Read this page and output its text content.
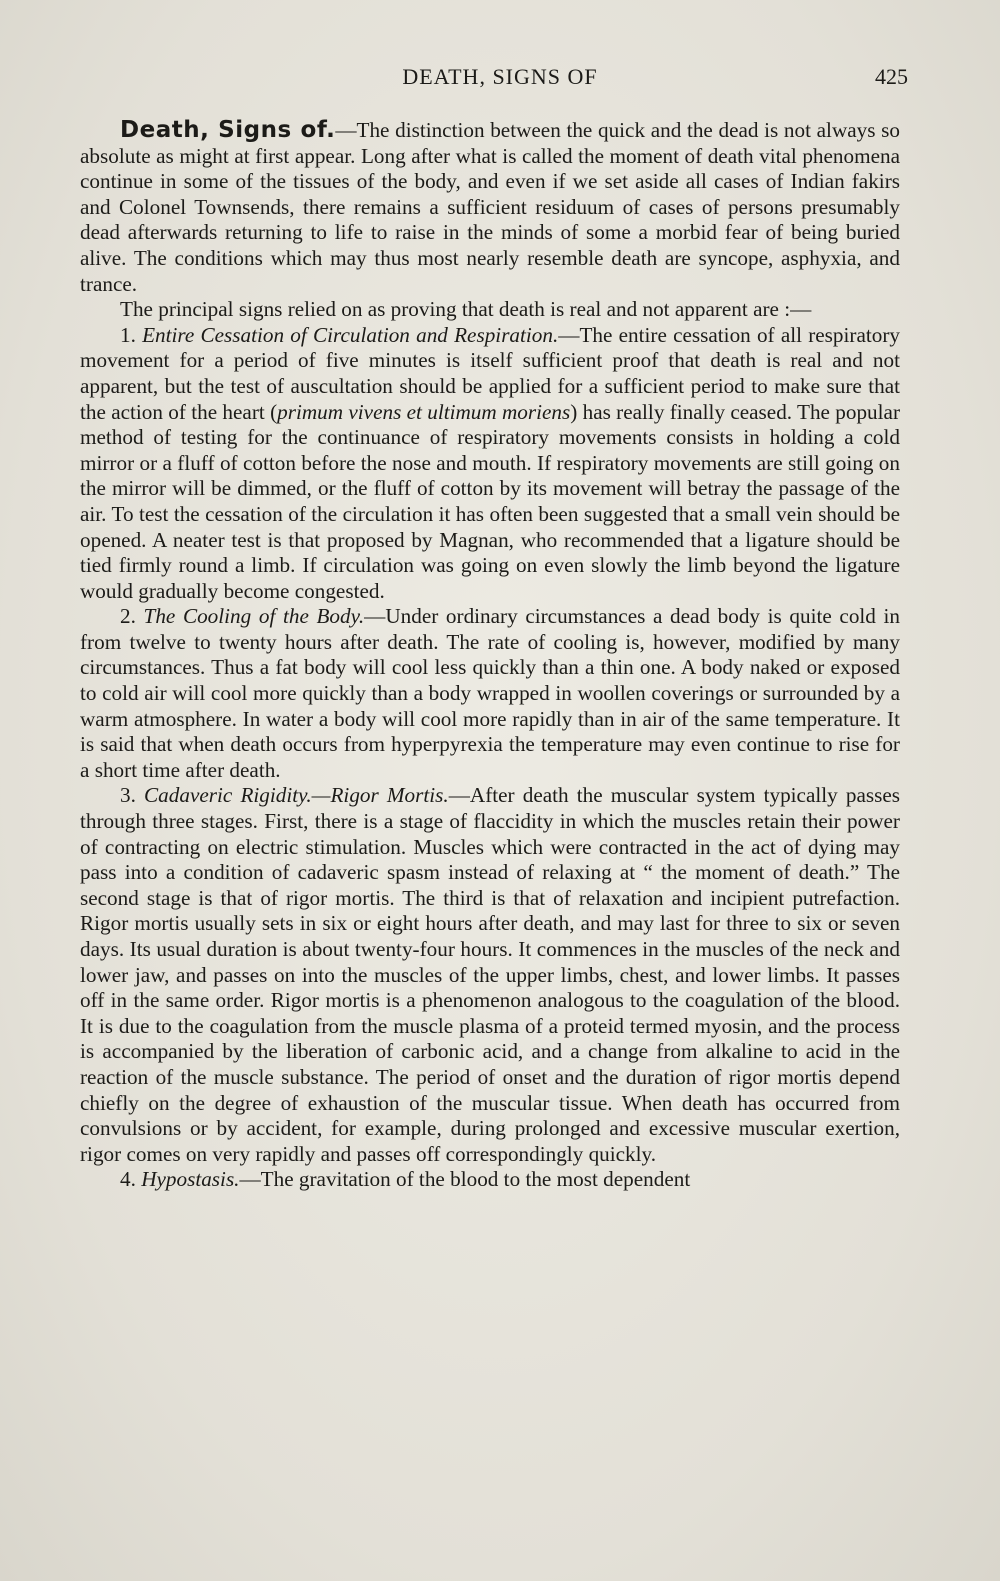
DEATH, SIGNS OF	425

Death, Signs of.—The distinction between the quick and the dead is not always so absolute as might at first appear. Long after what is called the moment of death vital phenomena continue in some of the tissues of the body, and even if we set aside all cases of Indian fakirs and Colonel Townsends, there remains a sufficient residuum of cases of persons presumably dead afterwards returning to life to raise in the minds of some a morbid fear of being buried alive. The conditions which may thus most nearly resemble death are syncope, asphyxia, and trance.

The principal signs relied on as proving that death is real and not apparent are :—

1. Entire Cessation of Circulation and Respiration.—The entire cessation of all respiratory movement for a period of five minutes is itself sufficient proof that death is real and not apparent, but the test of auscultation should be applied for a sufficient period to make sure that the action of the heart (primum vivens et ultimum moriens) has really finally ceased. The popular method of testing for the continuance of respiratory movements consists in holding a cold mirror or a fluff of cotton before the nose and mouth. If respiratory movements are still going on the mirror will be dimmed, or the fluff of cotton by its movement will betray the passage of the air. To test the cessation of the circulation it has often been suggested that a small vein should be opened. A neater test is that proposed by Magnan, who recommended that a ligature should be tied firmly round a limb. If circulation was going on even slowly the limb beyond the ligature would gradually become congested.

2. The Cooling of the Body.—Under ordinary circumstances a dead body is quite cold in from twelve to twenty hours after death. The rate of cooling is, however, modified by many circumstances. Thus a fat body will cool less quickly than a thin one. A body naked or exposed to cold air will cool more quickly than a body wrapped in woollen coverings or surrounded by a warm atmosphere. In water a body will cool more rapidly than in air of the same temperature. It is said that when death occurs from hyperpyrexia the temperature may even continue to rise for a short time after death.

3. Cadaveric Rigidity.—Rigor Mortis.—After death the muscular system typically passes through three stages. First, there is a stage of flaccidity in which the muscles retain their power of contracting on electric stimulation. Muscles which were contracted in the act of dying may pass into a condition of cadaveric spasm instead of relaxing at “ the moment of death.” The second stage is that of rigor mortis. The third is that of relaxation and incipient putrefaction. Rigor mortis usually sets in six or eight hours after death, and may last for three to six or seven days. Its usual duration is about twenty-four hours. It commences in the muscles of the neck and lower jaw, and passes on into the muscles of the upper limbs, chest, and lower limbs. It passes off in the same order. Rigor mortis is a phenomenon analogous to the coagulation of the blood. It is due to the coagulation from the muscle plasma of a proteid termed myosin, and the process is accompanied by the liberation of carbonic acid, and a change from alkaline to acid in the reaction of the muscle substance. The period of onset and the duration of rigor mortis depend chiefly on the degree of exhaustion of the muscular tissue. When death has occurred from convulsions or by accident, for example, during prolonged and excessive muscular exertion, rigor comes on very rapidly and passes off correspondingly quickly.

4. Hypostasis.—The gravitation of the blood to the most dependent
